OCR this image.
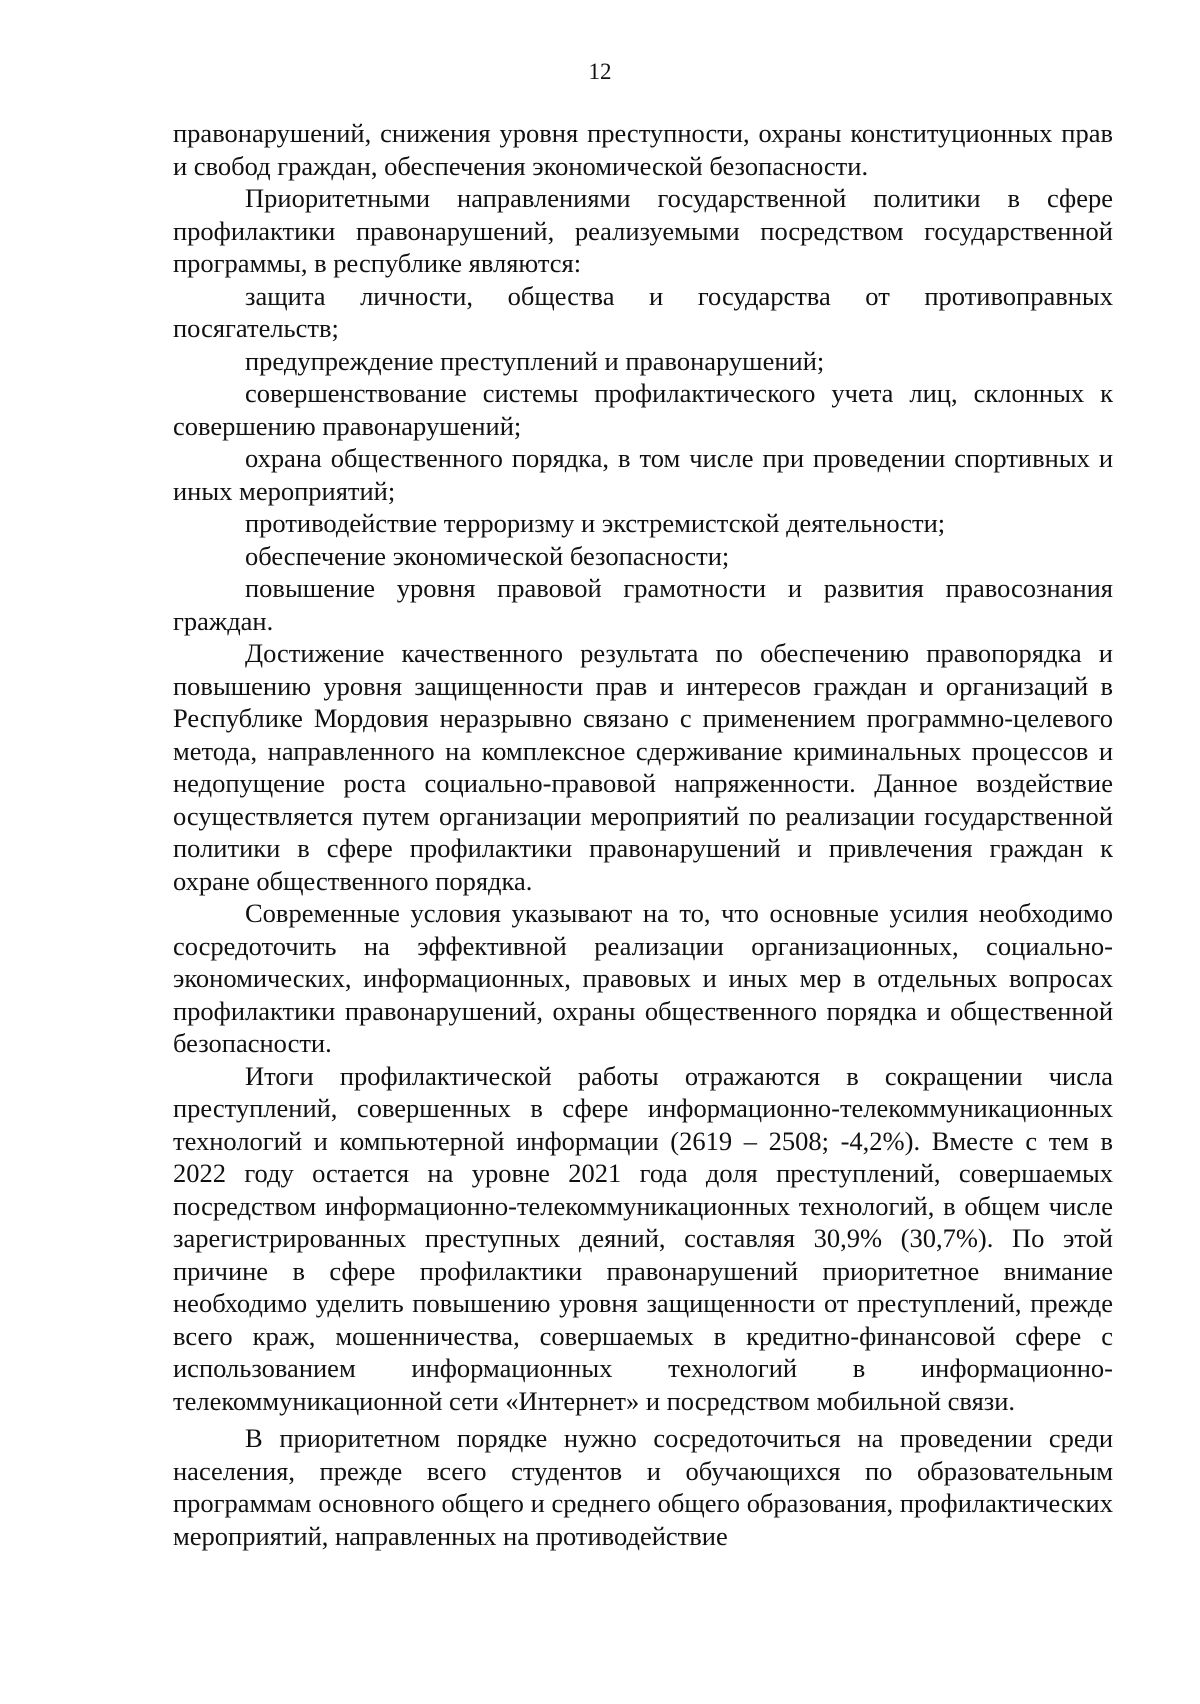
12

правонарушений, снижения уровня преступности, охраны конституционных прав и свобод граждан, обеспечения экономической безопасности.

Приоритетными направлениями государственной политики в сфере профилактики правонарушений, реализуемыми посредством государственной программы, в республике являются:

защита личности, общества и государства от противоправных посягательств;

предупреждение преступлений и правонарушений;

совершенствование системы профилактического учета лиц, склонных к совершению правонарушений;

охрана общественного порядка, в том числе при проведении спортивных и иных мероприятий;

противодействие терроризму и экстремистской деятельности;

обеспечение экономической безопасности;

повышение уровня правовой грамотности и развития правосознания граждан.

Достижение качественного результата по обеспечению правопорядка и повышению уровня защищенности прав и интересов граждан и организаций в Республике Мордовия неразрывно связано с применением программно-целевого метода, направленного на комплексное сдерживание криминальных процессов и недопущение роста социально-правовой напряженности. Данное воздействие осуществляется путем организации мероприятий по реализации государственной политики в сфере профилактики правонарушений и привлечения граждан к охране общественного порядка.

Современные условия указывают на то, что основные усилия необходимо сосредоточить на эффективной реализации организационных, социально-экономических, информационных, правовых и иных мер в отдельных вопросах профилактики правонарушений, охраны общественного порядка и общественной безопасности.

Итоги профилактической работы отражаются в сокращении числа преступлений, совершенных в сфере информационно-телекоммуникационных технологий и компьютерной информации (2619 – 2508; -4,2%). Вместе с тем в 2022 году остается на уровне 2021 года доля преступлений, совершаемых посредством информационно-телекоммуникационных технологий, в общем числе зарегистрированных преступных деяний, составляя 30,9% (30,7%). По этой причине в сфере профилактики правонарушений приоритетное внимание необходимо уделить повышению уровня защищенности от преступлений, прежде всего краж, мошенничества, совершаемых в кредитно-финансовой сфере с использованием информационных технологий в информационно-телекоммуникационной сети «Интернет» и посредством мобильной связи.

В приоритетном порядке нужно сосредоточиться на проведении среди населения, прежде всего студентов и обучающихся по образовательным программам основного общего и среднего общего образования, профилактических мероприятий, направленных на противодействие
